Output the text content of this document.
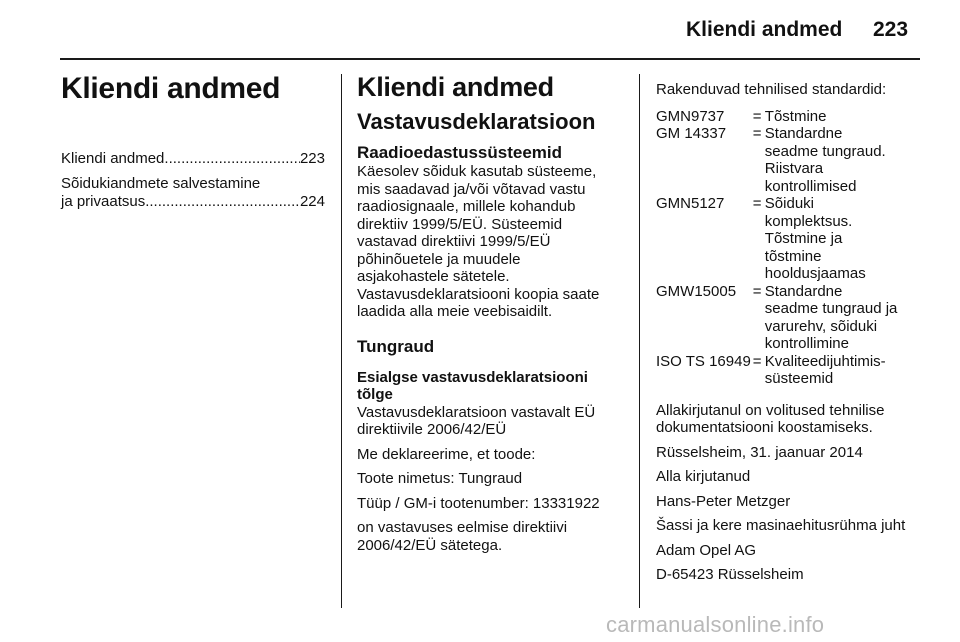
Kliendi andmed 223
Kliendi andmed
Kliendi andmed .....	223
Sõidukiandmete salvestamine
ja privaatsus .....	224
Kliendi andmed
Vastavusdeklaratsioon
Raadioedastussüsteemid

Käesolev sõiduk kasutab süsteeme,
mis saadavad ja/või võtavad vastu
raadiosignaale, millele kohandub
direktiiv 1999/5/EÜ. Süsteemid
vastavad direktiivi 1999/5/EÜ
põhinõuetele ja muudele
asjakohastele sätetele.
Vastavusdeklaratsiooni koopia saate
laadida alla meie veebisaidilt.

Tungraud
Esialgse vastavusdeklaratsiooni
tõlge

Vastavusdeklaratsioon vastavalt EÜ
direktiivile 2006/42/EÜ

Me deklareerime, et toode:

Toote nimetus: Tungraud

Tüüp / GM-i tootenumber: 13331922

on vastavuses eelmise direktiivi
2006/42/EÜ sätetega.

Rakenduvad tehnilised standardid:

GMN9737	=	Tõstmine
GM 14337	=	Standardne
seadme tungraud.
Riistvara
kontrollimised
GMN5127	=	Sõiduki
komplektsus.
Tõstmine ja
tõstmine
hooldusjaamas
GMW15005	=	Standardne
seadme tungraud ja
varurehv, sõiduki
kontrollimine
ISO TS 16949	=	Kvaliteedijuhtimis-
süsteemid

Allakirjutanul on volitused tehnilise
dokumentatsiooni koostamiseks.

Rüsselsheim, 31. jaanuar 2014

Alla kirjutanud

Hans-Peter Metzger

Šassi ja kere masinaehitusrühma juht

Adam Opel AG

D-65423 Rüsselsheim

carmanualsonline.info
